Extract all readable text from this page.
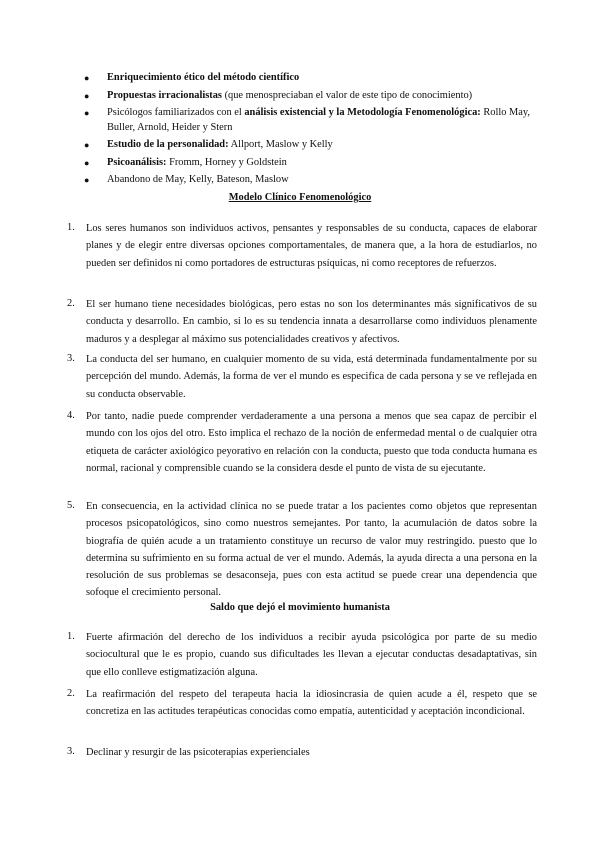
● Enriquecimiento ético del método científico
● Propuestas irracionalistas (que menospreciaban el valor de este tipo de conocimiento)
● Psicólogos familiarizados con el análisis existencial y la Metodología Fenomenológica: Rollo May, Buller, Arnold, Heider y Stern
● Estudio de la personalidad: Allport, Maslow y Kelly
● Psicoanálisis: Fromm, Horney y Goldstein
● Abandono de May, Kelly, Bateson, Maslow
Modelo Clínico Fenomenológico
1. Los seres humanos son individuos activos, pensantes y responsables de su conducta, capaces de elaborar planes y de elegir entre diversas opciones comportamentales, de manera que, a la hora de estudiarlos, no pueden ser definidos ni como portadores de estructuras psíquicas, ni como receptores de refuerzos.
2. El ser humano tiene necesidades biológicas, pero estas no son los determinantes más significativos de su conducta y desarrollo. En cambio, si lo es su tendencia innata a desarrollarse como individuos plenamente maduros y a desplegar al máximo sus potencialidades creativos y afectivos.
3. La conducta del ser humano, en cualquier momento de su vida, está determinada fundamentalmente por su percepción del mundo. Además, la forma de ver el mundo es especifica de cada persona y se ve reflejada en su conducta observable.
4. Por tanto, nadie puede comprender verdaderamente a una persona a menos que sea capaz de percibir el mundo con los ojos del otro. Esto implica el rechazo de la noción de enfermedad mental o de cualquier otra etiqueta de carácter axiológico peyorativo en relación con la conducta, puesto que toda conducta humana es normal, racional y comprensible cuando se la considera desde el punto de vista de su ejecutante.
5. En consecuencia, en la actividad clínica no se puede tratar a los pacientes como objetos que representan procesos psicopatológicos, sino como nuestros semejantes. Por tanto, la acumulación de datos sobre la biografía de quién acude a un tratamiento constituye un recurso de valor muy restringido. puesto que lo determina su sufrimiento en su forma actual de ver el mundo. Además, la ayuda directa a una persona en la resolución de sus problemas se desaconseja, pues con esta actitud se puede crear una dependencia que sofoque el crecimiento personal.
Saldo que dejó el movimiento humanista
1. Fuerte afirmación del derecho de los individuos a recibir ayuda psicológica por parte de su medio sociocultural que le es propio, cuando sus dificultades les llevan a ejecutar conductas desadaptativas, sin que ello conlleve estigmatización alguna.
2. La reafirmación del respeto del terapeuta hacia la idiosincrasia de quien acude a él, respeto que se concretiza en las actitudes terapéuticas conocidas como empatía, autenticidad y aceptación incondicional.
3. Declinar y resurgir de las psicoterapias experienciales
